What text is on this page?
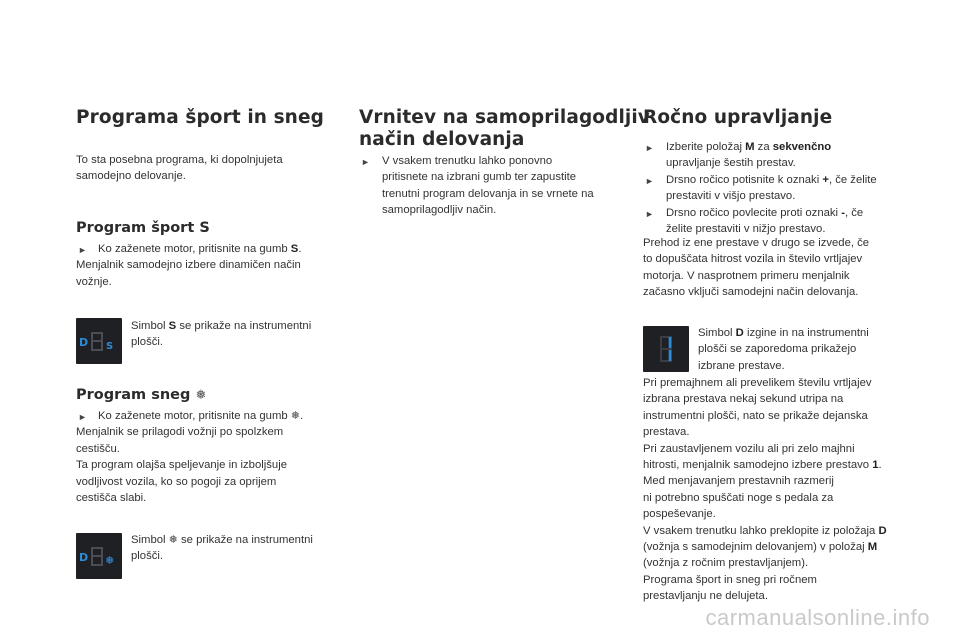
Programa šport in sneg
To sta posebna programa, ki dopolnjujeta
samodejno delovanje.
Program šport S
► Ko zaženete motor, pritisnite na gumb S.
Menjalnik samodejno izbere dinamičen način
vožnje.
D S
Simbol S se prikaže na instrumentni
plošči.
Program sneg ❅
► Ko zaženete motor, pritisnite na gumb ❅.
Menjalnik se prilagodi vožnji po spolzkem
cestišču.
Ta program olajša speljevanje in izboljšuje
vodljivost vozila, ko so pogoji za oprijem
cestišča slabi.
D ❅
Simbol ❅ se prikaže na instrumentni
plošči.
Vrnitev na samoprilagodljiv
način delovanja
► V vsakem trenutku lahko ponovno
pritisnete na izbrani gumb ter zapustite
trenutni program delovanja in se vrnete na
samoprilagodljiv način.
Ročno upravljanje
► Izberite položaj M za sekvenčno
upravljanje šestih prestav.
► Drsno ročico potisnite k oznaki +, če želite
prestaviti v višjo prestavo.
► Drsno ročico povlecite proti oznaki -, če
želite prestaviti v nižjo prestavo.
Prehod iz ene prestave v drugo se izvede, če
to dopuščata hitrost vozila in število vrtljajev
motorja. V nasprotnem primeru menjalnik
začasno vključi samodejni način delovanja.
Simbol D izgine in na instrumentni
plošči se zaporedoma prikažejo
izbrane prestave.
Pri premajhnem ali prevelikem številu vrtljajev
izbrana prestava nekaj sekund utripa na
instrumentni plošči, nato se prikaže dejanska
prestava.
Pri zaustavljenem vozilu ali pri zelo majhni
hitrosti, menjalnik samodejno izbere prestavo 1.
Med menjavanjem prestavnih razmerij
ni potrebno spuščati noge s pedala za
pospeševanje.
V vsakem trenutku lahko preklopite iz položaja D
(vožnja s samodejnim delovanjem) v položaj M
(vožnja z ročnim prestavljanjem).
Programa šport in sneg pri ročnem
prestavljanju ne delujeta.
carmanualsonline.info
